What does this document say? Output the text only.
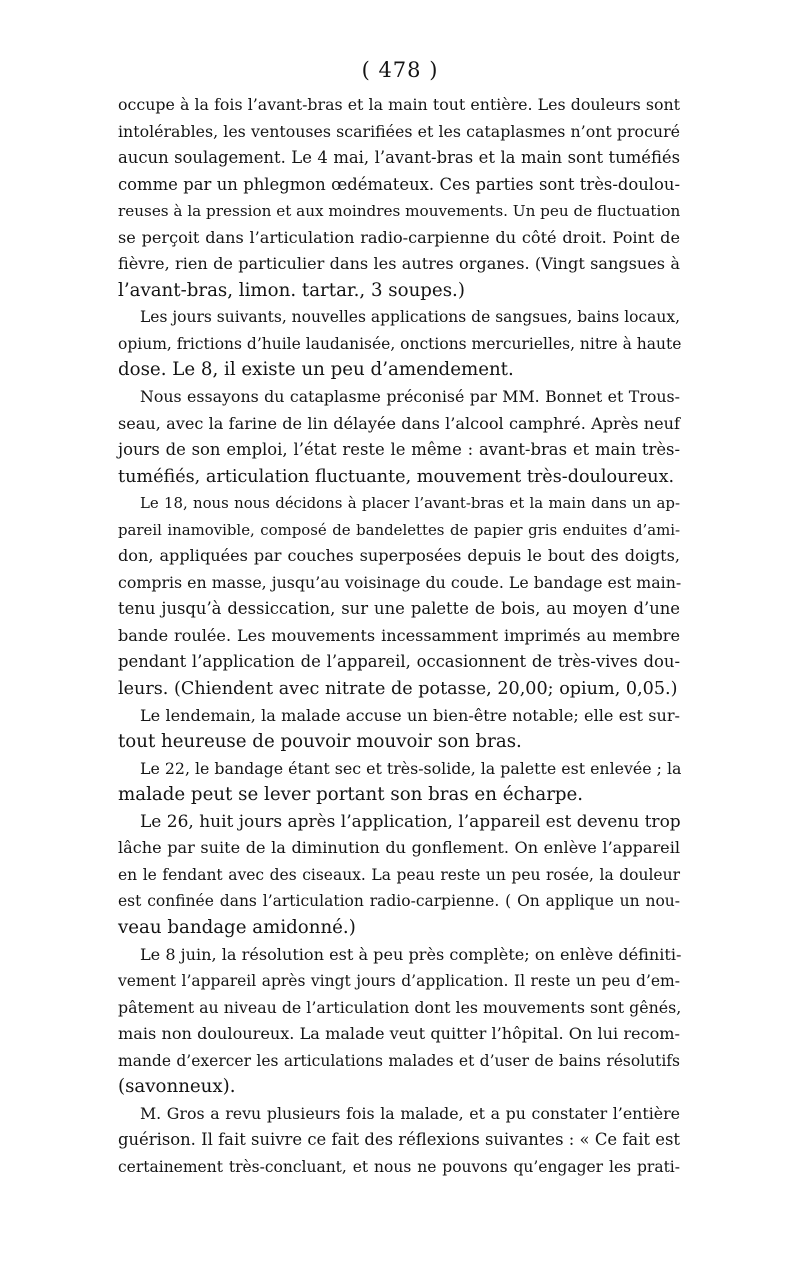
( 478 )
occupe à la fois l’avant-bras et la main tout entière. Les douleurs sont
intolérables, les ventouses scarifiées et les cataplasmes n’ont procuré
aucun soulagement. Le 4 mai, l’avant-bras et la main sont tuméfiés
comme par un phlegmon œdémateux. Ces parties sont très-doulou-
reuses à la pression et aux moindres mouvements. Un peu de fluctuation
se perçoit dans l’articulation radio-carpienne du côté droit. Point de
fièvre, rien de particulier dans les autres organes. (Vingt sangsues à
l’avant-bras, limon. tartar., 3 soupes.)
Les jours suivants, nouvelles applications de sangsues, bains locaux,
opium, frictions d’huile laudanisée, onctions mercurielles, nitre à haute
dose. Le 8, il existe un peu d’amendement.
Nous essayons du cataplasme préconisé par MM. Bonnet et Trous-
seau, avec la farine de lin délayée dans l’alcool camphré. Après neuf
jours de son emploi, l’état reste le même : avant-bras et main très-
tuméfiés, articulation fluctuante, mouvement très-douloureux.
Le 18, nous nous décidons à placer l’avant-bras et la main dans un ap-
pareil inamovible, composé de bandelettes de papier gris enduites d’ami-
don, appliquées par couches superposées depuis le bout des doigts,
compris en masse, jusqu’au voisinage du coude. Le bandage est main-
tenu jusqu’à dessiccation, sur une palette de bois, au moyen d’une
bande roulée. Les mouvements incessamment imprimés au membre
pendant l’application de l’appareil, occasionnent de très-vives dou-
leurs. (Chiendent avec nitrate de potasse, 20,00; opium, 0,05.)
Le lendemain, la malade accuse un bien-être notable; elle est sur-
tout heureuse de pouvoir mouvoir son bras.
Le 22, le bandage étant sec et très-solide, la palette est enlevée ; la
malade peut se lever portant son bras en écharpe.
Le 26, huit jours après l’application, l’appareil est devenu trop
lâche par suite de la diminution du gonflement. On enlève l’appareil
en le fendant avec des ciseaux. La peau reste un peu rosée, la douleur
est confinée dans l’articulation radio-carpienne. ( On applique un nou-
veau bandage amidonné.)
Le 8 juin, la résolution est à peu près complète; on enlève définiti-
vement l’appareil après vingt jours d’application. Il reste un peu d’em-
pâtement au niveau de l’articulation dont les mouvements sont gênés,
mais non douloureux. La malade veut quitter l’hôpital. On lui recom-
mande d’exercer les articulations malades et d’user de bains résolutifs
(savonneux).
M. Gros a revu plusieurs fois la malade, et a pu constater l’entière
guérison. Il fait suivre ce fait des réflexions suivantes : « Ce fait est
certainement très-concluant, et nous ne pouvons qu’engager les prati-
